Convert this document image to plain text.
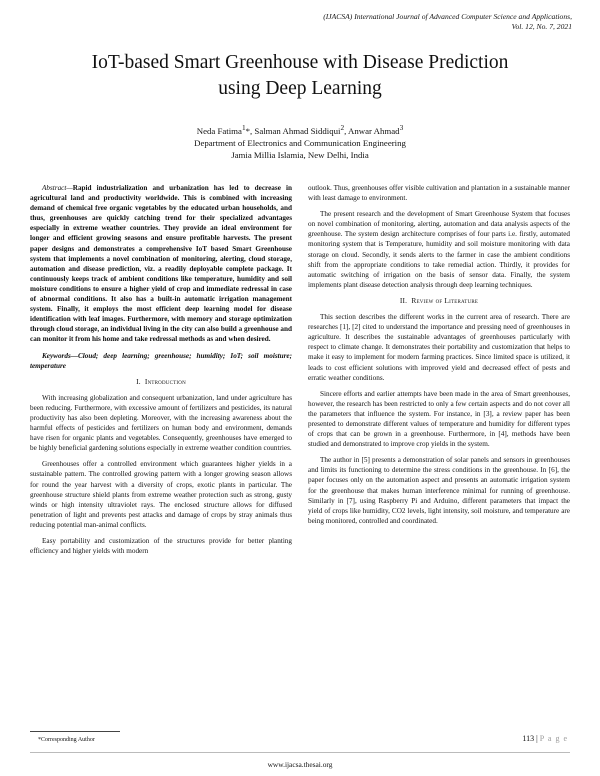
(IJACSA) International Journal of Advanced Computer Science and Applications,
Vol. 12, No. 7, 2021
IoT-based Smart Greenhouse with Disease Prediction
using Deep Learning
Neda Fatima$^1$*, Salman Ahmad Siddiqui$^2$, Anwar Ahmad$^3$
Department of Electronics and Communication Engineering
Jamia Millia Islamia, New Delhi, India

Abstract—Rapid industrialization and urbanization has led to decrease in agricultural land and productivity worldwide. This is combined with increasing demand of chemical free organic vegetables by the educated urban households, and thus, greenhouses are quickly catching trend for their specialized advantages especially in extreme weather countries. They provide an ideal environment for longer and efficient growing seasons and ensure profitable harvests. The present paper designs and demonstrates a comprehensive IoT based Smart Greenhouse system that implements a novel combination of monitoring, alerting, cloud storage, automation and disease prediction, viz. a readily deployable complete package. It continuously keeps track of ambient conditions like temperature, humidity and soil moisture conditions to ensure a higher yield of crop and immediate redressal in case of abnormal conditions. It also has a built-in automatic irrigation management system. Finally, it employs the most efficient deep learning model for disease identification with leaf images. Furthermore, with memory and storage optimization through cloud storage, an individual living in the city can also build a greenhouse and can monitor it from his home and take redressal methods as and when desired.

Keywords—Cloud; deep learning; greenhouse; humidity; IoT; soil moisture; temperature

I. Introduction

With increasing globalization and consequent urbanization, land under agriculture has been reducing. Furthermore, with excessive amount of fertilizers and pesticides, its natural productivity has also been depleting. Moreover, with the increasing awareness about the harmful effects of pesticides and fertilizers on human body and environment, demands have risen for organic plants and vegetables. Consequently, greenhouses have emerged to be highly beneficial gardening solutions especially in extreme weather condition countries.

Greenhouses offer a controlled environment which guarantees higher yields in a sustainable pattern. The controlled growing pattern with a longer growing season allows for round the year harvest with a diversity of crops, exotic plants in particular. The greenhouse structure shield plants from extreme weather protection such as strong, gusty winds or high intensity ultraviolet rays. The enclosed structure allows for diffused penetration of light and prevents pest attacks and damage of crops by stray animals thus reducing potential man-animal conflicts.

Easy portability and customization of the structures provide for better planting efficiency and higher yields with modern

outlook. Thus, greenhouses offer visible cultivation and plantation in a sustainable manner with least damage to environment.

The present research and the development of Smart Greenhouse System that focuses on novel combination of monitoring, alerting, automation and data analysis aspects of the greenhouse. The system design architecture comprises of four parts i.e. firstly, automated monitoring system that is Temperature, humidity and soil moisture monitoring with data storage on cloud. Secondly, it sends alerts to the farmer in case the ambient conditions shift from the appropriate conditions to take remedial action. Thirdly, it provides for automatic switching of irrigation on the basis of sensor data. Finally, the system implements plant disease detection analysis through deep learning techniques.

II. Review of Literature

This section describes the different works in the current area of research. There are researches [1], [2] cited to understand the importance and pressing need of greenhouses in agriculture. It describes the sustainable advantages of greenhouses particularly with respect to climate change. It demonstrates their portability and customization that helps to make it easy to implement for modern farming practices. Since limited space is utilized, it leads to cost efficient solutions with improved yield and decreased effect of pests and erratic weather conditions.

Sincere efforts and earlier attempts have been made in the area of Smart greenhouses, however, the research has been restricted to only a few certain aspects and do not cover all the parameters that influence the system. For instance, in [3], a review paper has been presented to demonstrate different values of temperature and humidity for different types of crops that can be grown in a greenhouse. Furthermore, in [4], methods have been studied and demonstrated to improve crop yields in the system.

The author in [5] presents a demonstration of solar panels and sensors in greenhouses and limits its functioning to determine the stress conditions in the greenhouse. In [6], the paper focuses only on the automation aspect and presents an automatic irrigation system for the greenhouse that makes human interference minimal for running of greenhouse. Similarly in [7], using Raspberry Pi and Arduino, different parameters that impact the yield of crops like humidity, CO2 levels, light intensity, soil moisture, and temperature are being monitored, controlled and coordinated.

*Corresponding Author	113 | P a g e
www.ijacsa.thesai.org
